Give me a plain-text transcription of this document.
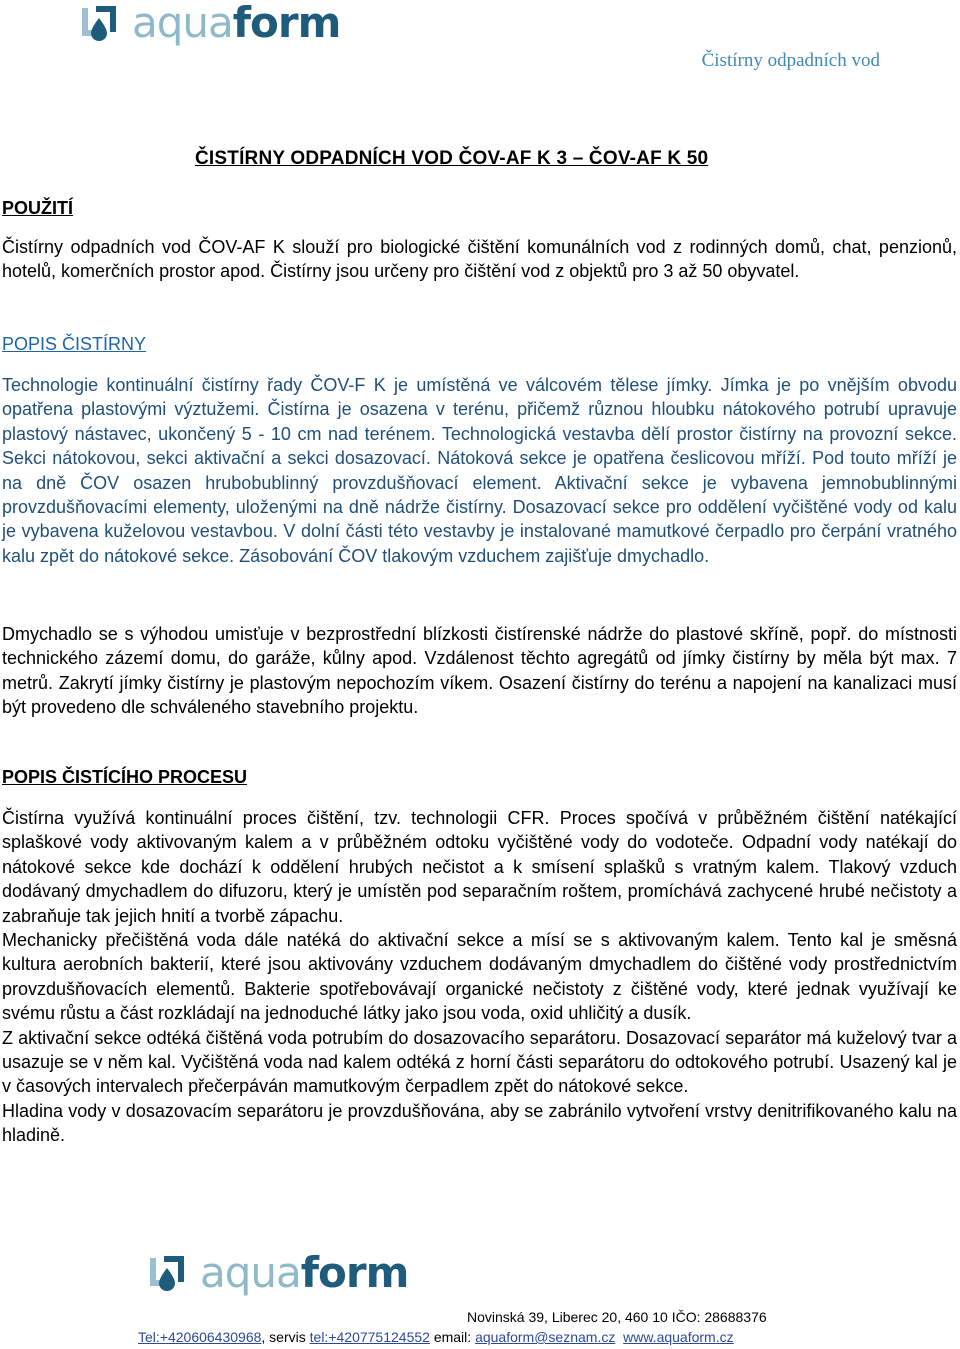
aquaform
Čistírny odpadních vod
ČISTÍRNY ODPADNÍCH VOD ČOV-AF K 3 – ČOV-AF K 50
POUŽITÍ

Čistírny odpadních vod ČOV-AF K slouží pro biologické čištění komunálních vod z rodinných domů, chat, penzionů, hotelů, komerčních prostor apod. Čistírny jsou určeny pro čištění vod z objektů pro 3 až 50 obyvatel.

POPIS ČISTÍRNY

Technologie kontinuální čistírny řady ČOV-F K je umístěná ve válcovém tělese jímky. Jímka je po vnějším obvodu opatřena plastovými výztužemi. Čistírna je osazena v terénu, přičemž různou hloubku nátokového potrubí upravuje plastový nástavec, ukončený 5 - 10 cm nad terénem. Technologická vestavba dělí prostor čistírny na provozní sekce. Sekci nátokovou, sekci aktivační a sekci dosazovací. Nátoková sekce je opatřena česlicovou mříží. Pod touto mříží je na dně ČOV osazen hrubobublinný provzdušňovací element. Aktivační sekce je vybavena jemnobublinnými provzdušňovacími elementy, uloženými na dně nádrže čistírny. Dosazovací sekce pro oddělení vyčištěné vody od kalu je vybavena kuželovou vestavbou. V dolní části této vestavby je instalované mamutkové čerpadlo pro čerpání vratného kalu zpět do nátokové sekce. Zásobování ČOV tlakovým vzduchem zajišťuje dmychadlo.

Dmychadlo se s výhodou umisťuje v bezprostřední blízkosti čistírenské nádrže do plastové skříně, popř. do místnosti technického zázemí domu, do garáže, kůlny apod. Vzdálenost těchto agregátů od jímky čistírny by měla být max. 7 metrů. Zakrytí jímky čistírny je plastovým nepochozím víkem. Osazení čistírny do terénu a napojení na kanalizaci musí být provedeno dle schváleného stavebního projektu.

POPIS ČISTÍCÍHO PROCESU
Čistírna využívá kontinuální proces čištění, tzv. technologii CFR. Proces spočívá v průběžném čištění natékající splaškové vody aktivovaným kalem a v průběžném odtoku vyčištěné vody do vodoteče. Odpadní vody natékají do nátokové sekce kde dochází k oddělení hrubých nečistot a k smísení splašků s vratným kalem. Tlakový vzduch dodávaný dmychadlem do difuzoru, který je umístěn pod separačním roštem, promíchává zachycené hrubé nečistoty a zabraňuje tak jejich hnití a tvorbě zápachu.
Mechanicky přečištěná voda dále natéká do aktivační sekce a mísí se s aktivovaným kalem. Tento kal je směsná kultura aerobních bakterií, které jsou aktivovány vzduchem dodávaným dmychadlem do čištěné vody prostřednictvím provzdušňovacích elementů. Bakterie spotřebovávají organické nečistoty z čištěné vody, které jednak využívají ke svému růstu a část rozkládají na jednoduché látky jako jsou voda, oxid uhličitý a dusík.
Z aktivační sekce odtéká čištěná voda potrubím do dosazovacího separátoru. Dosazovací separátor má kuželový tvar a usazuje se v něm kal. Vyčištěná voda nad kalem odtéká z horní části separátoru do odtokového potrubí. Usazený kal je v časových intervalech přečerpáván mamutkovým čerpadlem zpět do nátokové sekce.
Hladina vody v dosazovacím separátoru je provzdušňována, aby se zabránilo vytvoření vrstvy denitrifikovaného kalu na hladině.
aquaform
Novinská 39, Liberec 20, 460 10 IČO: 28688376
Tel:+420606430968, servis tel:+420775124552 email: aquaform@seznam.cz www.aquaform.cz
